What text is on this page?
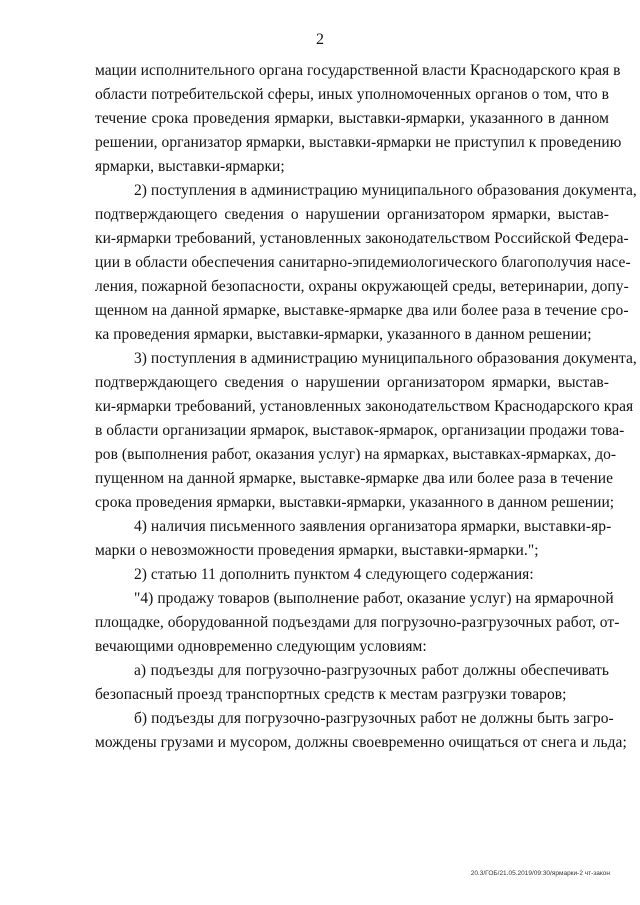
2
мации исполнительного органа государственной власти Краснодарского края в
области потребительской сферы, иных уполномоченных органов о том, что в
течение срока проведения ярмарки, выставки-ярмарки, указанного в данном
решении, организатор ярмарки, выставки-ярмарки не приступил к проведению
ярмарки, выставки-ярмарки;
2) поступления в администрацию муниципального образования документа,
подтверждающего сведения о нарушении организатором ярмарки, выстав-
ки-ярмарки требований, установленных законодательством Российской Федера-
ции в области обеспечения санитарно-эпидемиологического благополучия насе-
ления, пожарной безопасности, охраны окружающей среды, ветеринарии, допу-
щенном на данной ярмарке, выставке-ярмарке два или более раза в течение сро-
ка проведения ярмарки, выставки-ярмарки, указанного в данном решении;
3) поступления в администрацию муниципального образования документа,
подтверждающего сведения о нарушении организатором ярмарки, выстав-
ки-ярмарки требований, установленных законодательством Краснодарского края
в области организации ярмарок, выставок-ярмарок, организации продажи това-
ров (выполнения работ, оказания услуг) на ярмарках, выставках-ярмарках, до-
пущенном на данной ярмарке, выставке-ярмарке два или более раза в течение
срока проведения ярмарки, выставки-ярмарки, указанного в данном решении;
4) наличия письменного заявления организатора ярмарки, выставки-яр-
марки о невозможности проведения ярмарки, выставки-ярмарки.";
2) статью 11 дополнить пунктом 4 следующего содержания:
"4) продажу товаров (выполнение работ, оказание услуг) на ярмарочной
площадке, оборудованной подъездами для погрузочно-разгрузочных работ, от-
вечающими одновременно следующим условиям:
а) подъезды для погрузочно-разгрузочных работ должны обеспечивать
безопасный проезд транспортных средств к местам разгрузки товаров;
б) подъезды для погрузочно-разгрузочных работ не должны быть загро-
мождены грузами и мусором, должны своевременно очищаться от снега и льда;
20.3/ГОБ/21.05.2019/09:30/ярмарки-2 чт-закон
